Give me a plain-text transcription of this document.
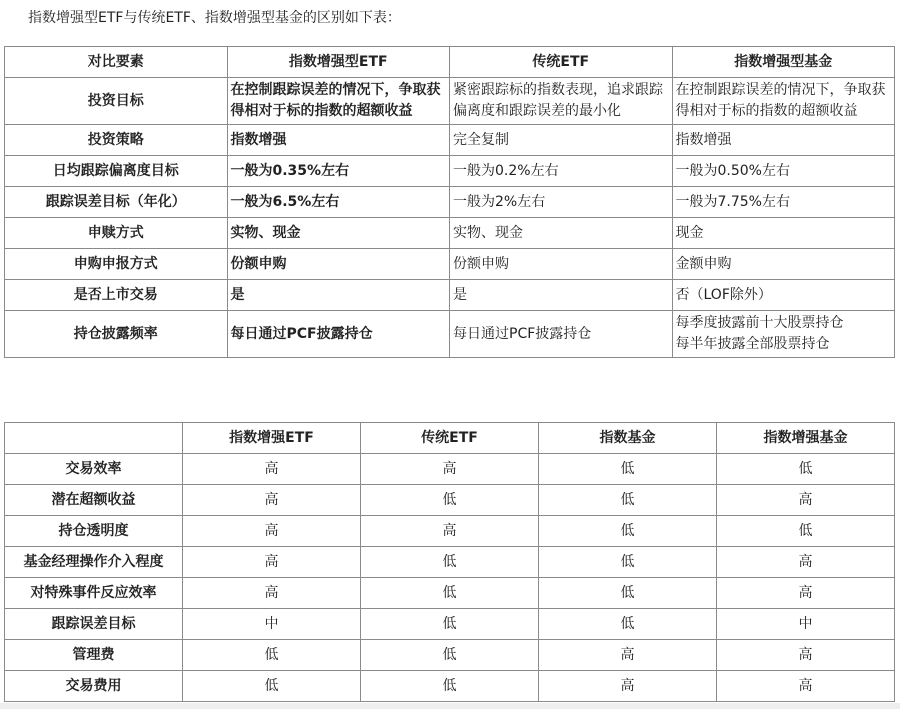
指数增强型ETF与传统ETF、指数增强型基金的区别如下表：
对比要素	指数增强型ETF	传统ETF	指数增强型基金
投资目标	在控制跟踪误差的情况下，争取获得相对于标的指数的超额收益	紧密跟踪标的指数表现，追求跟踪偏离度和跟踪误差的最小化	在控制跟踪误差的情况下，争取获得相对于标的指数的超额收益
投资策略	指数增强	完全复制	指数增强
日均跟踪偏离度目标	一般为0.35%左右	一般为0.2%左右	一般为0.50%左右
跟踪误差目标（年化）	一般为6.5%左右	一般为2%左右	一般为7.75%左右
申赎方式	实物、现金	实物、现金	现金
申购申报方式	份额申购	份额申购	金额申购
是否上市交易	是	是	否（LOF除外）
持仓披露频率	每日通过PCF披露持仓	每日通过PCF披露持仓	每季度披露前十大股票持仓
每半年披露全部股票持仓
	指数增强ETF	传统ETF	指数基金	指数增强基金
交易效率	高	高	低	低
潜在超额收益	高	低	低	高
持仓透明度	高	高	低	低
基金经理操作介入程度	高	低	低	高
对特殊事件反应效率	高	低	低	高
跟踪误差目标	中	低	低	中
管理费	低	低	高	高
交易费用	低	低	高	高
